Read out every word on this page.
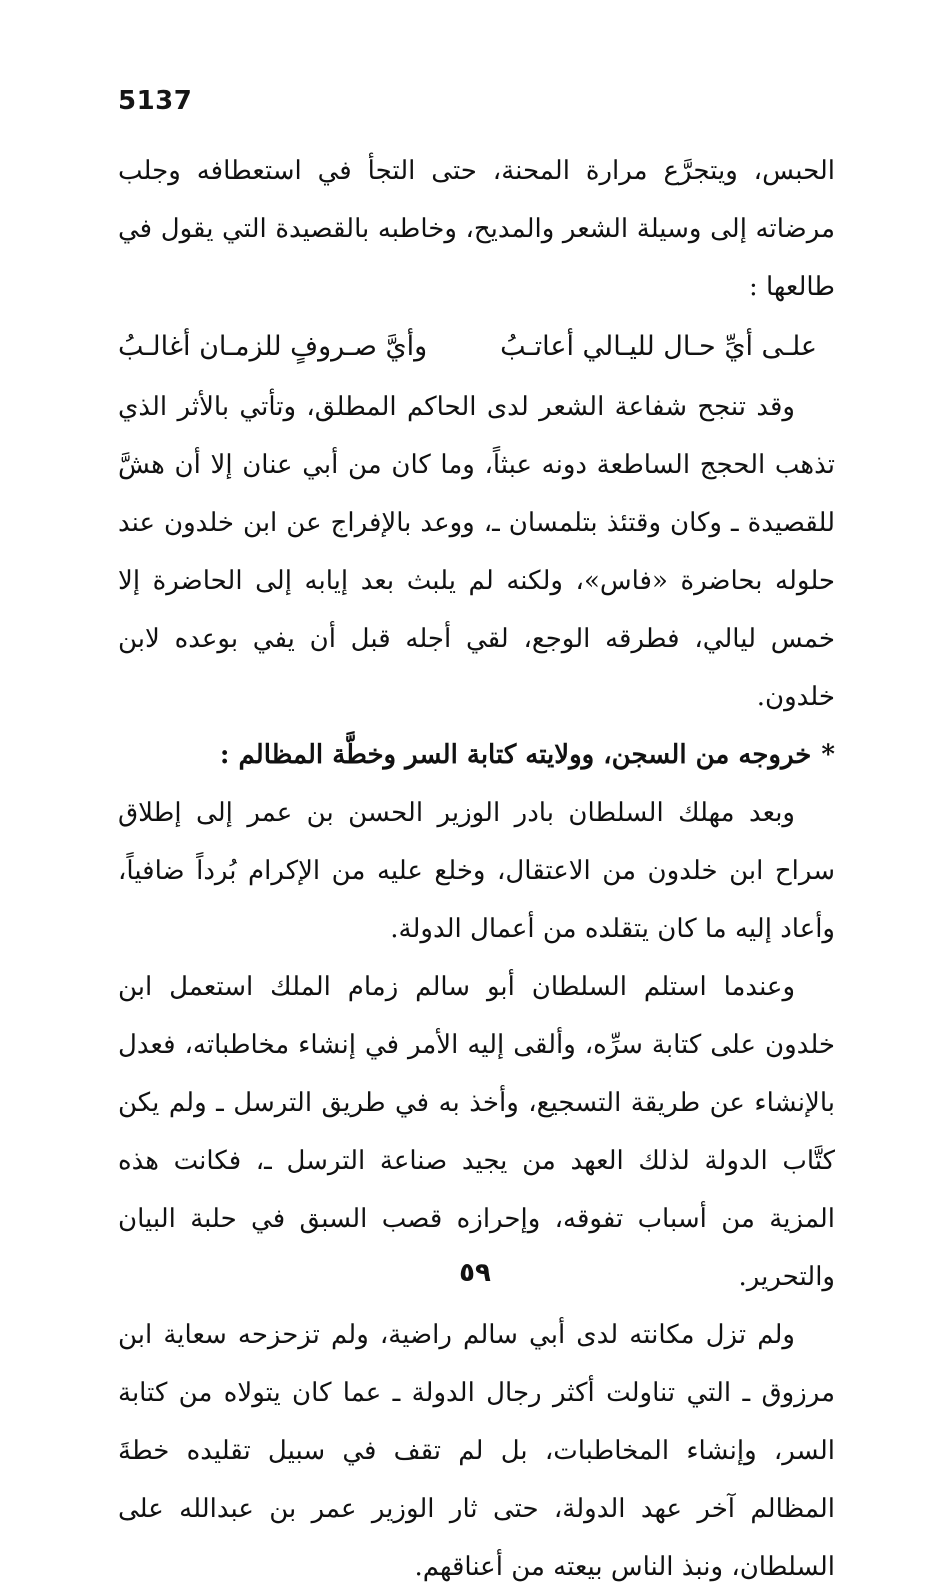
5137

الحبس، ويتجرَّع مرارة المحنة، حتى التجأ في استعطافه وجلب مرضاته إلى وسيلة الشعر والمديح، وخاطبه بالقصيدة التي يقول في طالعها :

علـى أيِّ حـال لليـالي أعاتـبُ
وأيَّ صـروفٍ للزمـان أغالـبُ

وقد تنجح شفاعة الشعر لدى الحاكم المطلق، وتأتي بالأثر الذي تذهب الحجج الساطعة دونه عبثاً، وما كان من أبي عنان إلا أن هشَّ للقصيدة ـ وكان وقتئذ بتلمسان ـ، ووعد بالإفراج عن ابن خلدون عند حلوله بحاضرة «فاس»، ولكنه لم يلبث بعد إيابه إلى الحاضرة إلا خمس ليالي، فطرقه الوجع، لقي أجله قبل أن يفي بوعده لابن خلدون.

*خروجه من السجن، وولايته كتابة السر وخطَّة المظالم :

وبعد مهلك السلطان بادر الوزير الحسن بن عمر إلى إطلاق سراح ابن خلدون من الاعتقال، وخلع عليه من الإكرام بُرداً ضافياً، وأعاد إليه ما كان يتقلده من أعمال الدولة.

وعندما استلم السلطان أبو سالم زمام الملك استعمل ابن خلدون على كتابة سرِّه، وألقى إليه الأمر في إنشاء مخاطباته، فعدل بالإنشاء عن طريقة التسجيع، وأخذ به في طريق الترسل ـ ولم يكن كتَّاب الدولة لذلك العهد من يجيد صناعة الترسل ـ، فكانت هذه المزية من أسباب تفوقه، وإحرازه قصب السبق في حلبة البيان والتحرير.

ولم تزل مكانته لدى أبي سالم راضية، ولم تزحزحه سعاية ابن مرزوق ـ التي تناولت أكثر رجال الدولة ـ عما كان يتولاه من كتابة السر، وإنشاء المخاطبات، بل لم تقف في سبيل تقليده خطةَ المظالم آخر عهد الدولة، حتى ثار الوزير عمر بن عبدالله على السلطان، ونبذ الناس بيعته من أعناقهم.

٥٩
